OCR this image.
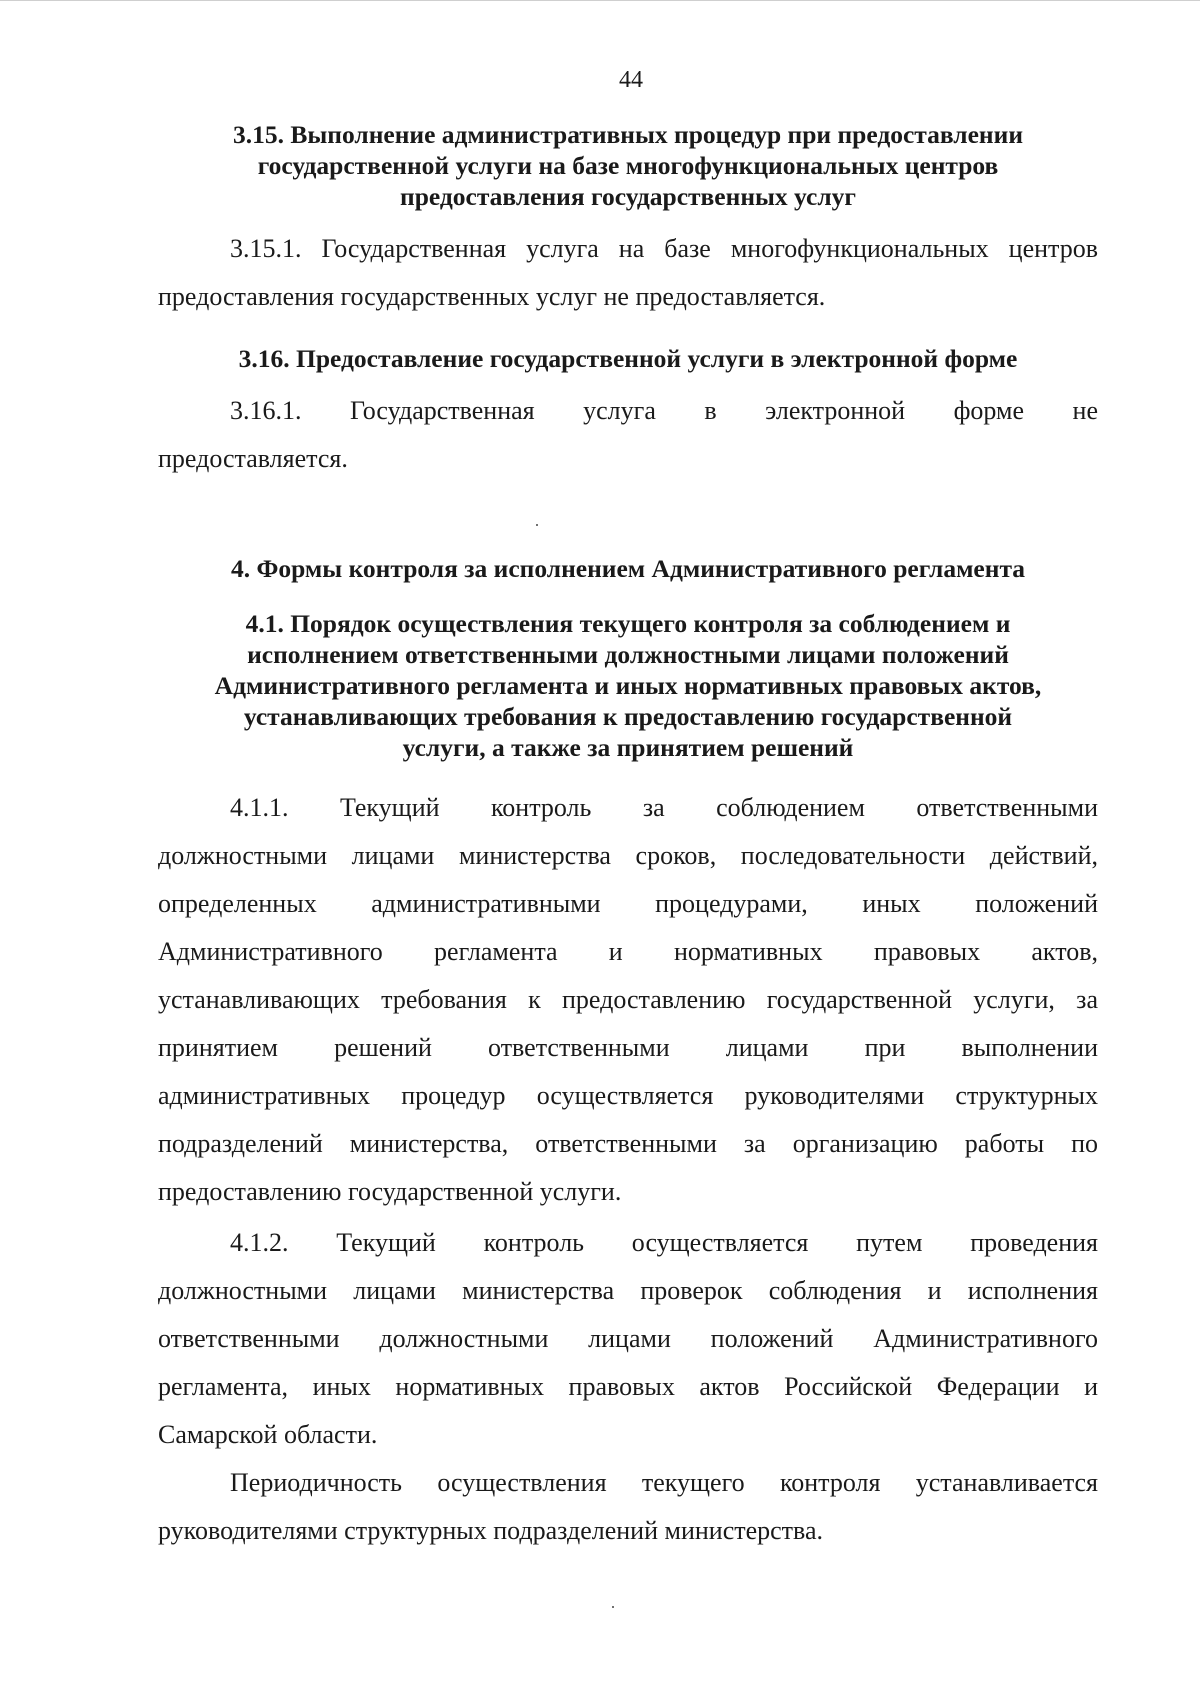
44

3.15. Выполнение административных процедур при предоставлении
государственной услуги на базе многофункциональных центров
предоставления государственных услуг

3.15.1. Государственная услуга на базе многофункциональных центров
предоставления государственных услуг не предоставляется.

3.16. Предоставление государственной услуги в электронной форме

3.16.1. Государственная услуга в электронной форме не
предоставляется.

4. Формы контроля за исполнением Административного регламента

4.1. Порядок осуществления текущего контроля за соблюдением и
исполнением ответственными должностными лицами положений
Административного регламента и иных нормативных правовых актов,
устанавливающих требования к предоставлению государственной
услуги, а также за принятием решений

4.1.1. Текущий контроль за соблюдением ответственными
должностными лицами министерства сроков, последовательности действий,
определенных административными процедурами, иных положений
Административного регламента и нормативных правовых актов,
устанавливающих требования к предоставлению государственной услуги, за
принятием решений ответственными лицами при выполнении
административных процедур осуществляется руководителями структурных
подразделений министерства, ответственными за организацию работы по
предоставлению государственной услуги.

4.1.2. Текущий контроль осуществляется путем проведения
должностными лицами министерства проверок соблюдения и исполнения
ответственными должностными лицами положений Административного
регламента, иных нормативных правовых актов Российской Федерации и
Самарской области.

Периодичность осуществления текущего контроля устанавливается
руководителями структурных подразделений министерства.
